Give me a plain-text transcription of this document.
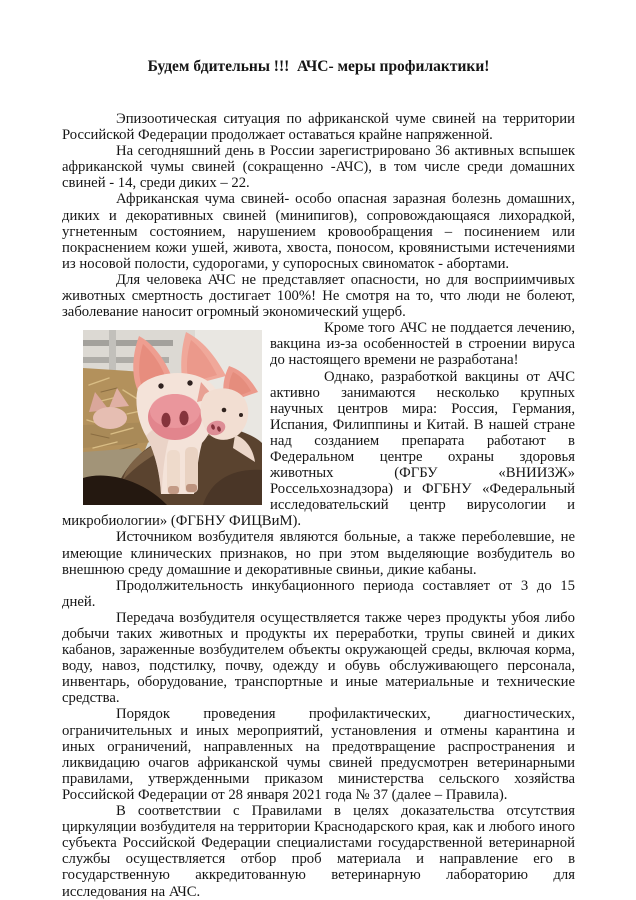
Будем бдительны !!!  АЧС- меры профилактики!

Эпизоотическая ситуация по африканской чуме свиней на территории Российской Федерации продолжает оставаться крайне напряженной.

На сегодняшний день в России зарегистрировано 36 активных вспышек африканской чумы свиней (сокращенно -АЧС), в том числе среди домашних свиней - 14, среди диких – 22.

Африканская чума свиней- особо опасная заразная болезнь домашних, диких и декоративных свиней (минипигов), сопровождающаяся лихорадкой, угнетенным состоянием, нарушением кровообращения – посинением или покраснением кожи ушей, живота, хвоста, поносом, кровянистыми истечениями из носовой полости, судорогами, у супоросных свиноматок - абортами.

Для человека АЧС не представляет опасности, но для восприимчивых животных смертность достигает 100%! Не смотря на то, что люди не болеют, заболевание наносит огромный экономический ущерб.

Кроме того АЧС не поддается лечению, вакцина из-за особенностей в строении вируса до настоящего времени не разработана!

Однако, разработкой вакцины от АЧС активно занимаются несколько крупных научных центров мира: Россия, Германия, Испания, Филиппины и Китай. В нашей стране над созданием препарата работают в Федеральном центре охраны здоровья животных (ФГБУ «ВНИИЗЖ» Россельхознадзора) и ФГБНУ «Федеральный исследовательский центр вирусологии и микробиологии» (ФГБНУ ФИЦВиМ).

Источником возбудителя являются больные, а также переболевшие, не имеющие клинических признаков, но при этом выделяющие возбудитель во внешнюю среду домашние и декоративные свиньи, дикие кабаны.

Продолжительность инкубационного периода составляет от 3 до 15 дней.

Передача возбудителя осуществляется также через продукты убоя либо добычи таких животных и продукты их переработки, трупы свиней и диких кабанов, зараженные возбудителем объекты окружающей среды, включая корма, воду, навоз, подстилку, почву, одежду и обувь обслуживающего персонала, инвентарь, оборудование, транспортные и иные материальные и технические средства.

Порядок проведения профилактических, диагностических, ограничительных и иных мероприятий, установления и отмены карантина и иных ограничений, направленных на предотвращение распространения и ликвидацию очагов африканской чумы свиней предусмотрен ветеринарными правилами, утвержденными приказом министерства сельского хозяйства Российской Федерации от 28 января 2021 года № 37 (далее – Правила).

В соответствии с Правилами в целях доказательства отсутствия циркуляции возбудителя на территории Краснодарского края, как и любого иного субъекта Российской Федерации специалистами государственной ветеринарной службы осуществляется отбор проб материала и направление его в государственную аккредитованную ветеринарную лабораторию для исследования на АЧС.
